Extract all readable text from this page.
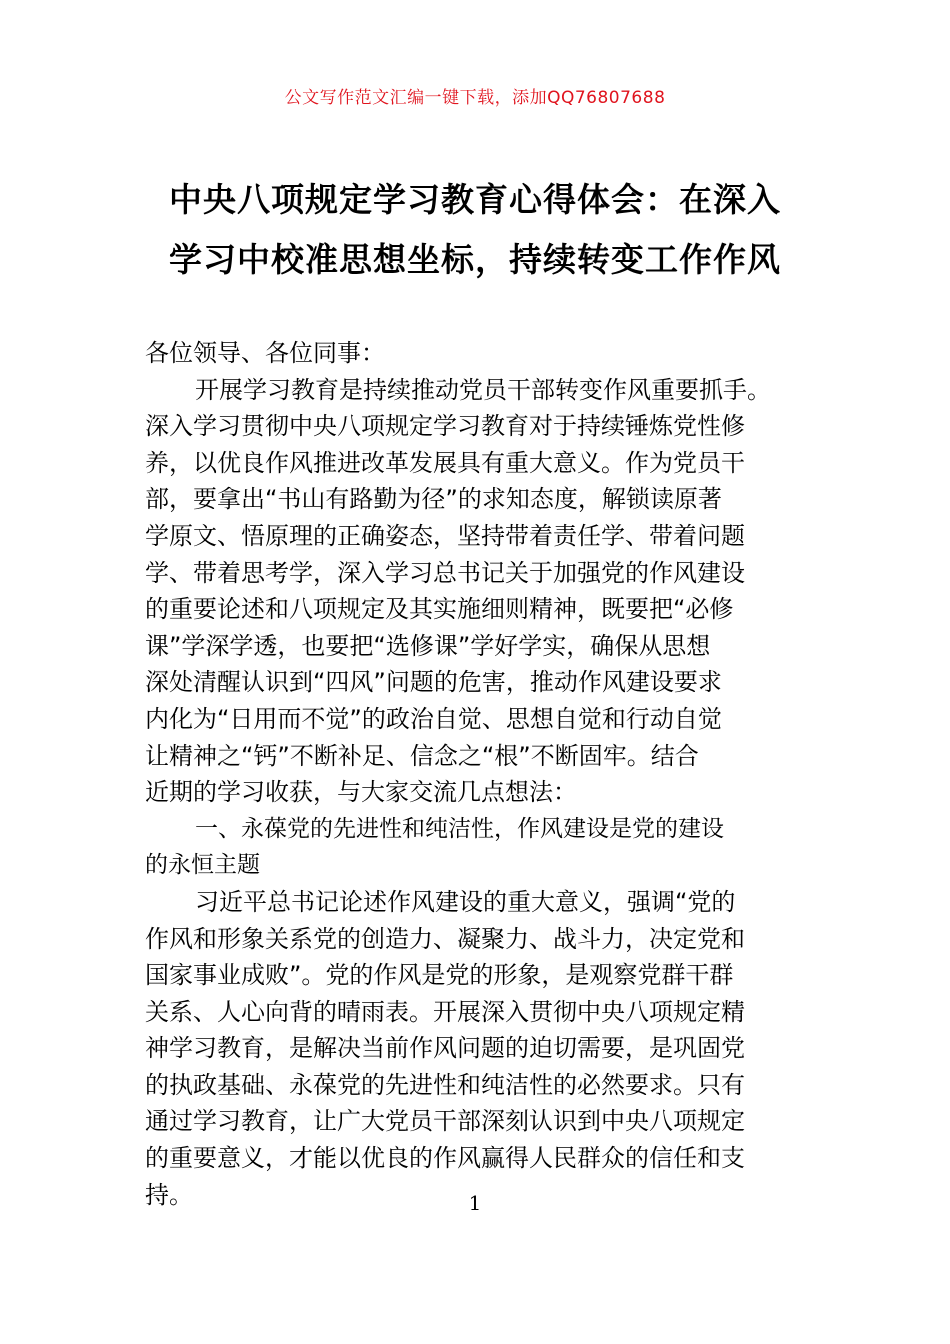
公文写作范文汇编一键下载，添加QQ76807688
中央八项规定学习教育心得体会：在深入
学习中校准思想坐标，持续转变工作作风
各位领导、各位同事：
开展学习教育是持续推动党员干部转变作风重要抓手。
深入学习贯彻中央八项规定学习教育对于持续锤炼党性修
养，以优良作风推进改革发展具有重大意义。作为党员干
部，要拿出“书山有路勤为径”的求知态度，解锁读原著
学原文、悟原理的正确姿态，坚持带着责任学、带着问题
学、带着思考学，深入学习总书记关于加强党的作风建设
的重要论述和八项规定及其实施细则精神，既要把“必修
课”学深学透，也要把“选修课”学好学实，确保从思想
深处清醒认识到“四风”问题的危害，推动作风建设要求
内化为“日用而不觉”的政治自觉、思想自觉和行动自觉
让精神之“钙”不断补足、信念之“根”不断固牢。结合
近期的学习收获，与大家交流几点想法：
一、永葆党的先进性和纯洁性，作风建设是党的建设
的永恒主题
习近平总书记论述作风建设的重大意义，强调“党的
作风和形象关系党的创造力、凝聚力、战斗力，决定党和
国家事业成败”。党的作风是党的形象，是观察党群干群
关系、人心向背的晴雨表。开展深入贯彻中央八项规定精
神学习教育，是解决当前作风问题的迫切需要，是巩固党
的执政基础、永葆党的先进性和纯洁性的必然要求。只有
通过学习教育，让广大党员干部深刻认识到中央八项规定
的重要意义，才能以优良的作风赢得人民群众的信任和支
持。	1
